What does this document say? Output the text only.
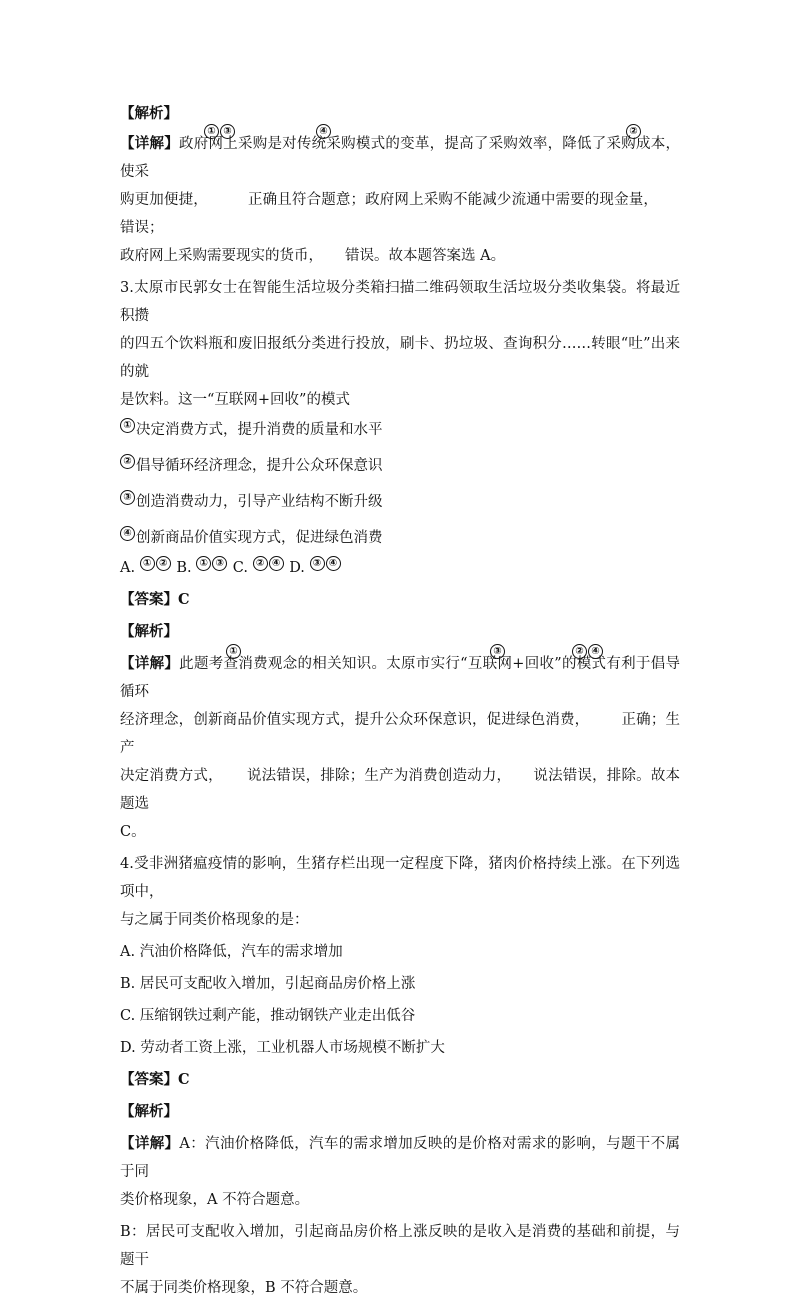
【解析】
① ③	④	②
【详解】政府网上采购是对传统采购模式的变革，提高了采购效率，降低了采购成本，使采
购更加便捷，	正确且符合题意；政府网上采购不能减少流通中需要的现金量，错误；
政府网上采购需要现实的货币， 错误。故本题答案选 A。
3.太原市民郭女士在智能生活垃圾分类箱扫描二维码领取生活垃圾分类收集袋。将最近积攒
的四五个饮料瓶和废旧报纸分类进行投放，刷卡、扔垃圾、查询积分……转眼“吐”出来的就
是饮料。这一“互联网+回收”的模式
① 决定消费方式，提升消费的质量和水平
② 倡导循环经济理念，提升公众环保意识
③ 创造消费动力，引导产业结构不断升级
④ 创新商品价值实现方式，促进绿色消费
A. ① ② B. ① ③ C. ② ④ D. ③ ④
【答案】C
【解析】
①	③	② ④
【详解】此题考查消费观念的相关知识。太原市实行“互联网+回收”的模式有利于倡导循环
经济理念，创新商品价值实现方式，提升公众环保意识，促进绿色消费， 正确；生产
决定消费方式， 说法错误，排除；生产为消费创造动力， 说法错误，排除。故本题选
C。
4.受非洲猪瘟疫情的影响，生猪存栏出现一定程度下降，猪肉价格持续上涨。在下列选项中，
与之属于同类价格现象的是：
A. 汽油价格降低，汽车的需求增加
B. 居民可支配收入增加，引起商品房价格上涨
C. 压缩钢铁过剩产能，推动钢铁产业走出低谷
D. 劳动者工资上涨，工业机器人市场规模不断扩大
【答案】C
【解析】
【详解】A：汽油价格降低，汽车的需求增加反映的是价格对需求的影响，与题干不属于同
类价格现象，A 不符合题意。
B：居民可支配收入增加，引起商品房价格上涨反映的是收入是消费的基础和前提，与题干
不属于同类价格现象，B 不符合题意。
